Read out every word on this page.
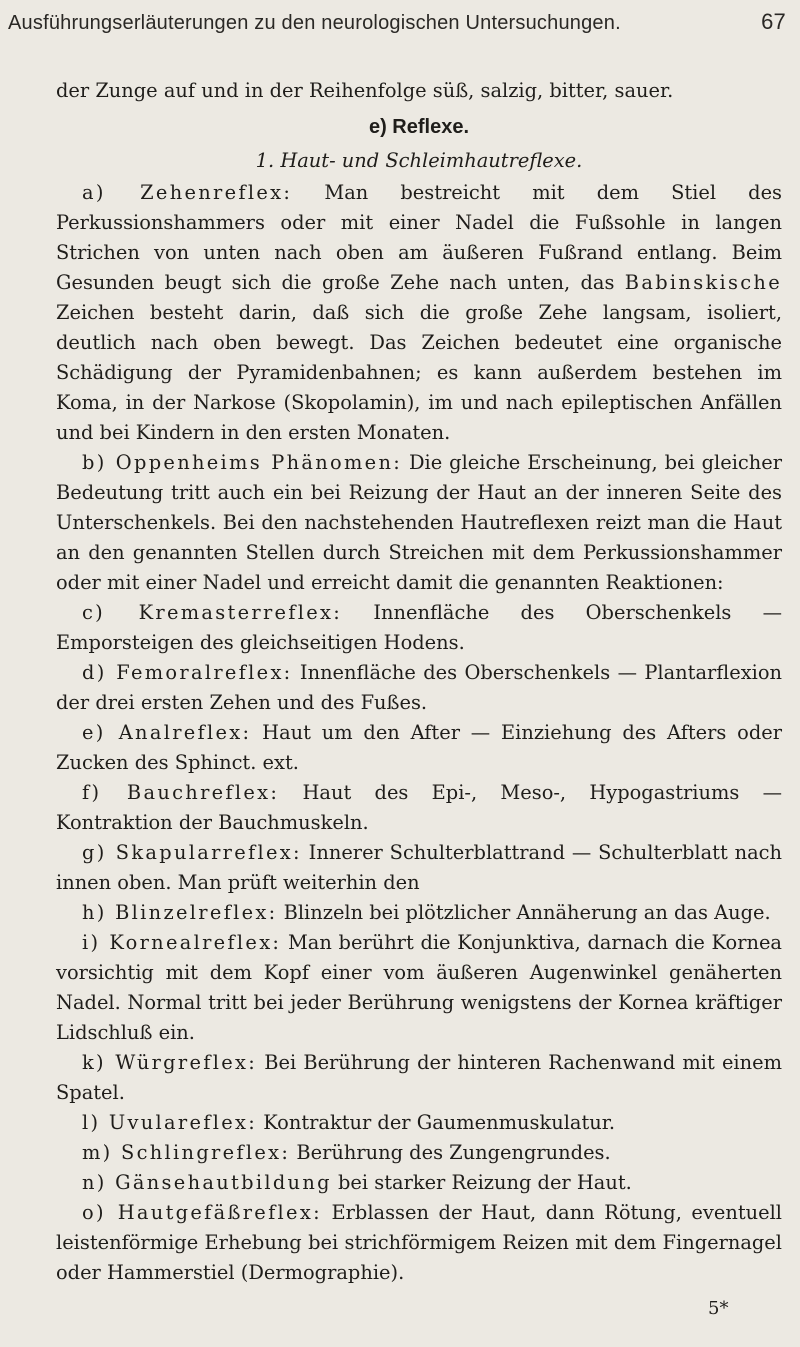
Ausführungserläuterungen zu den neurologischen Untersuchungen.	67

der Zunge auf und in der Reihenfolge süß, salzig, bitter, sauer.

e) Reflexe.
1. Haut- und Schleimhautreflexe.

a) Zehenreflex: Man bestreicht mit dem Stiel des Perkussionshammers oder mit einer Nadel die Fußsohle in langen Strichen von unten nach oben am äußeren Fußrand entlang. Beim Gesunden beugt sich die große Zehe nach unten, das Babinskische Zeichen besteht darin, daß sich die große Zehe langsam, isoliert, deutlich nach oben bewegt. Das Zeichen bedeutet eine organische Schädigung der Pyramidenbahnen; es kann außerdem bestehen im Koma, in der Narkose (Skopolamin), im und nach epileptischen Anfällen und bei Kindern in den ersten Monaten.

b) Oppenheims Phänomen: Die gleiche Erscheinung, bei gleicher Bedeutung tritt auch ein bei Reizung der Haut an der inneren Seite des Unterschenkels. Bei den nachstehenden Hautreflexen reizt man die Haut an den genannten Stellen durch Streichen mit dem Perkussionshammer oder mit einer Nadel und erreicht damit die genannten Reaktionen:

c) Kremasterreflex: Innenfläche des Oberschenkels — Emporsteigen des gleichseitigen Hodens.

d) Femoralreflex: Innenfläche des Oberschenkels — Plantarflexion der drei ersten Zehen und des Fußes.

e) Analreflex: Haut um den After — Einziehung des Afters oder Zucken des Sphinct. ext.

f) Bauchreflex: Haut des Epi-, Meso-, Hypogastriums — Kontraktion der Bauchmuskeln.

g) Skapularreflex: Innerer Schulterblattrand — Schulterblatt nach innen oben. Man prüft weiterhin den

h) Blinzelreflex: Blinzeln bei plötzlicher Annäherung an das Auge.

i) Kornealreflex: Man berührt die Konjunktiva, darnach die Kornea vorsichtig mit dem Kopf einer vom äußeren Augenwinkel genäherten Nadel. Normal tritt bei jeder Berührung wenigstens der Kornea kräftiger Lidschluß ein.

k) Würgreflex: Bei Berührung der hinteren Rachenwand mit einem Spatel.

l) Uvulareflex: Kontraktur der Gaumenmuskulatur.

m) Schlingreflex: Berührung des Zungengrundes.

n) Gänsehautbildung bei starker Reizung der Haut.

o) Hautgefäßreflex: Erblassen der Haut, dann Rötung, eventuell leistenförmige Erhebung bei strichförmigem Reizen mit dem Fingernagel oder Hammerstiel (Dermographie).

5*
